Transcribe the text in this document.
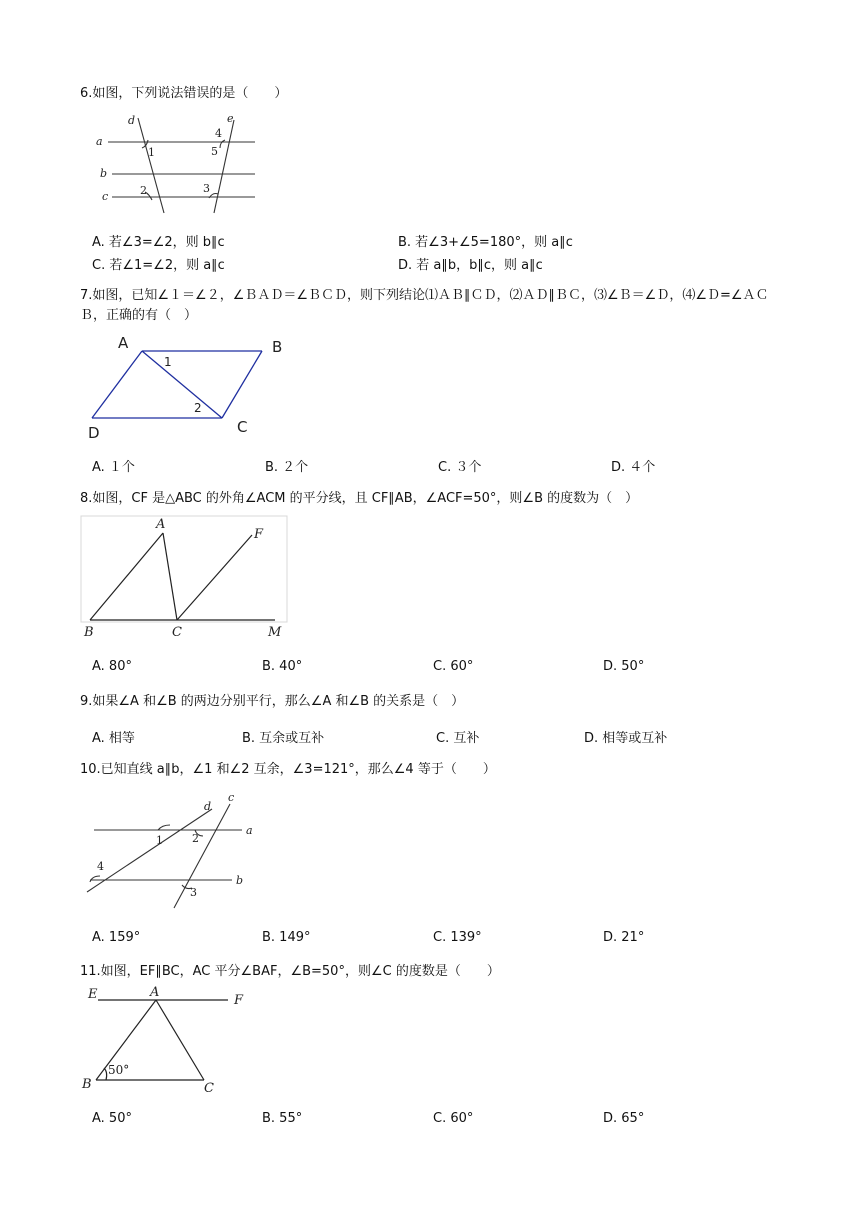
6.如图，下列说法错误的是（　　）
d	e
a
b
c
1
2	3
4
5
A. 若∠3=∠2，则 b∥c	B. 若∠3+∠5=180°，则 a∥c
C. 若∠1=∠2，则 a∥c	D. 若 a∥b，b∥c，则 a∥c
7.如图，已知∠１＝∠２，∠ＢＡＤ＝∠ＢＣＤ，则下列结论⑴ＡＢ∥ＣＤ，⑵ＡＤ∥ＢＣ，⑶∠Ｂ＝∠Ｄ，⑷∠Ｄ=∠ＡＣＢ，正确的有（　）
A	B
C
D
1
2
A. １个	B. ２个	C. ３个	D. ４个
8.如图，CF 是△ABC 的外角∠ACM 的平分线，且 CF∥AB，∠ACF=50°，则∠B 的度数为（　）
A
F
B	C	M
A. 80°	B. 40°	C. 60°	D. 50°
9.如果∠A 和∠B 的两边分别平行，那么∠A 和∠B 的关系是（　）
A. 相等	B. 互余或互补	C. 互补	D. 相等或互补
10.已知直线 a∥b，∠1 和∠2 互余，∠3=121°，那么∠4 等于（　　）
d
c
a
b
1	2
3
4
A. 159°	B. 149°	C. 139°	D. 21°
11.如图，EF∥BC，AC 平分∠BAF，∠B=50°，则∠C 的度数是（　　）
E	A
F
B	C
50°
A. 50°	B. 55°	C. 60°	D. 65°
